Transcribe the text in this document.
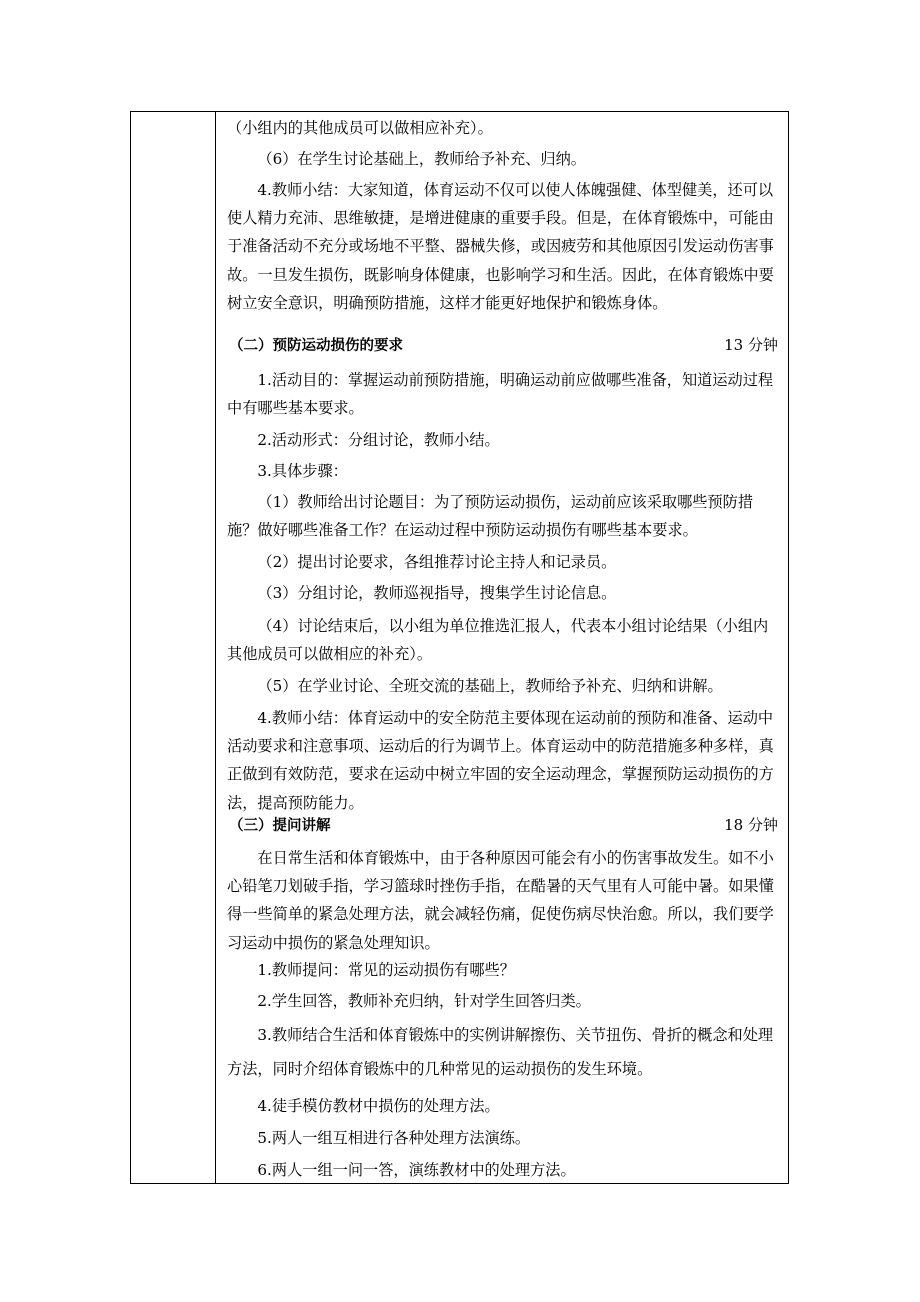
（小组内的其他成员可以做相应补充）。

（6）在学生讨论基础上，教师给予补充、归纳。

4.教师小结：大家知道，体育运动不仅可以使人体魄强健、体型健美，还可以使人精力充沛、思维敏捷，是增进健康的重要手段。但是，在体育锻炼中，可能由于准备活动不充分或场地不平整、器械失修，或因疲劳和其他原因引发运动伤害事故。一旦发生损伤，既影响身体健康，也影响学习和生活。因此，在体育锻炼中要树立安全意识，明确预防措施，这样才能更好地保护和锻炼身体。

（二）预防运动损伤的要求	13 分钟

1.活动目的：掌握运动前预防措施，明确运动前应做哪些准备，知道运动过程中有哪些基本要求。

2.活动形式：分组讨论，教师小结。

3.具体步骤：

（1）教师给出讨论题目：为了预防运动损伤，运动前应该采取哪些预防措施？做好哪些准备工作？在运动过程中预防运动损伤有哪些基本要求。

（2）提出讨论要求，各组推荐讨论主持人和记录员。

（3）分组讨论，教师巡视指导，搜集学生讨论信息。

（4）讨论结束后，以小组为单位推选汇报人，代表本小组讨论结果（小组内其他成员可以做相应的补充）。

（5）在学业讨论、全班交流的基础上，教师给予补充、归纳和讲解。

4.教师小结：体育运动中的安全防范主要体现在运动前的预防和准备、运动中活动要求和注意事项、运动后的行为调节上。体育运动中的防范措施多种多样，真正做到有效防范，要求在运动中树立牢固的安全运动理念，掌握预防运动损伤的方法，提高预防能力。

（三）提问讲解	18 分钟

在日常生活和体育锻炼中，由于各种原因可能会有小的伤害事故发生。如不小心铅笔刀划破手指，学习篮球时挫伤手指，在酷暑的天气里有人可能中暑。如果懂得一些简单的紧急处理方法，就会减轻伤痛，促使伤病尽快治愈。所以，我们要学习运动中损伤的紧急处理知识。

1.教师提问：常见的运动损伤有哪些？

2.学生回答，教师补充归纳，针对学生回答归类。

3.教师结合生活和体育锻炼中的实例讲解擦伤、关节扭伤、骨折的概念和处理方法，同时介绍体育锻炼中的几种常见的运动损伤的发生环境。

4.徒手模仿教材中损伤的处理方法。

5.两人一组互相进行各种处理方法演练。

6.两人一组一问一答，演练教材中的处理方法。
